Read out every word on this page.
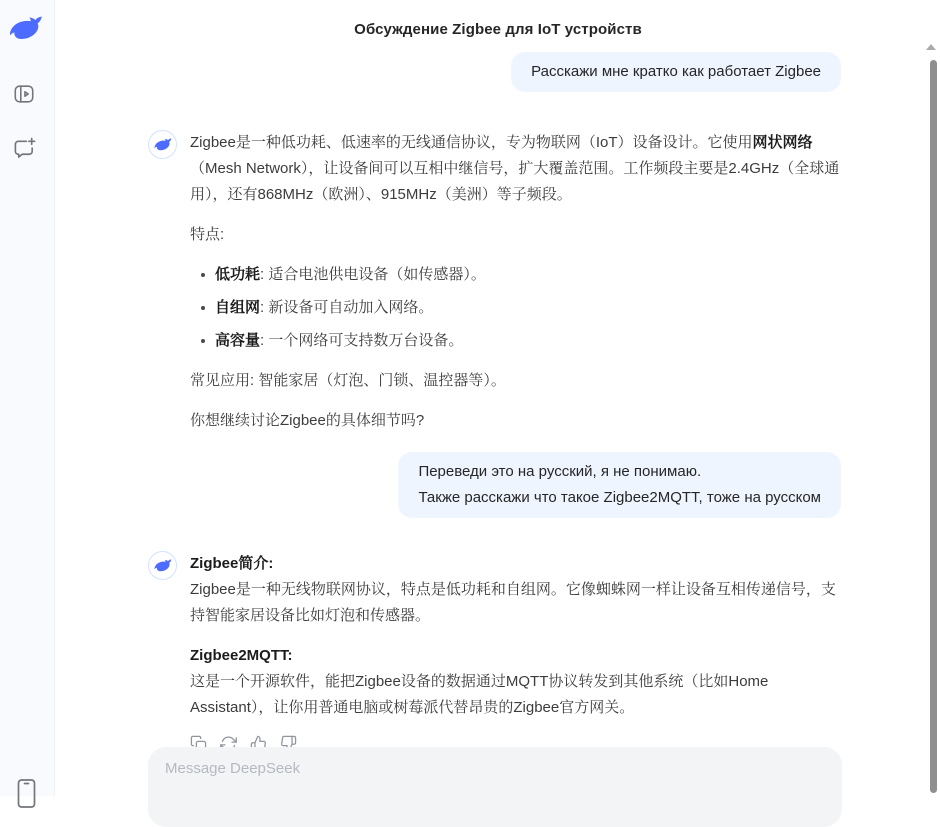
Обсуждение Zigbee для IoT устройств
Расскажи мне кратко как работает Zigbee

Zigbee是一种低功耗、低速率的无线通信协议，专为物联网（IoT）设备设计。它使用网状网络（Mesh Network），让设备间可以互相中继信号，扩大覆盖范围。工作频段主要是2.4GHz（全球通用），还有868MHz（欧洲）、915MHz（美洲）等子频段。

特点:

低功耗: 适合电池供电设备（如传感器）。
自组网: 新设备可自动加入网络。
高容量: 一个网络可支持数万台设备。

常见应用: 智能家居（灯泡、门锁、温控器等）。

你想继续讨论Zigbee的具体细节吗?

Переведи это на русский, я не понимаю.
Также расскажи что такое Zigbee2MQTT, тоже на русском
Zigbee简介:

Zigbee是一种无线物联网协议，特点是低功耗和自组网。它像蜘蛛网一样让设备互相传递信号，支持智能家居设备比如灯泡和传感器。

Zigbee2MQTT:

这是一个开源软件，能把Zigbee设备的数据通过MQTT协议转发到其他系统（比如Home Assistant），让你用普通电脑或树莓派代替昂贵的Zigbee官方网关。

Message DeepSeek
